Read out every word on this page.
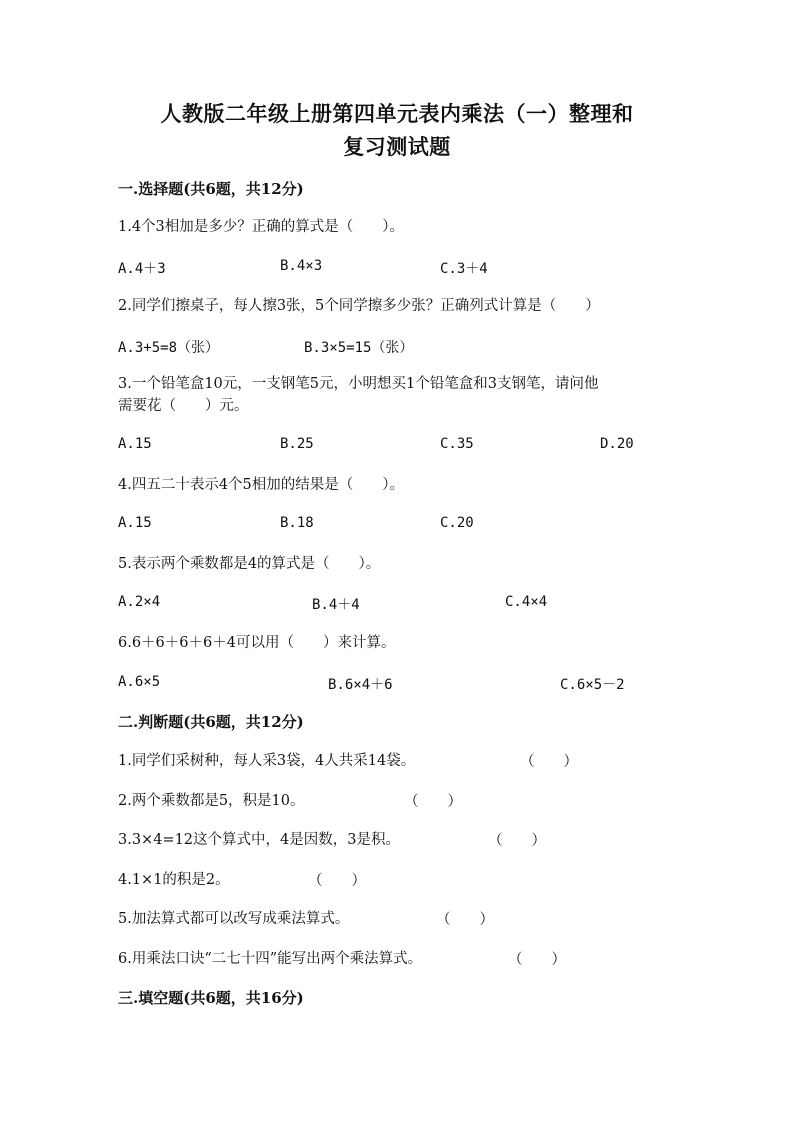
人教版二年级上册第四单元表内乘法（一）整理和
复习测试题
一.选择题(共6题，共12分)
1.4个3相加是多少？正确的算式是（　　）。
A.4＋3	B.4×3	C.3＋4
2.同学们擦桌子，每人擦3张，5个同学擦多少张？正确列式计算是（　　）
A.3+5=8（张）	B.3×5=15（张）
3.一个铅笔盒10元，一支钢笔5元，小明想买1个铅笔盒和3支钢笔，请问他
需要花（　　）元。
A.15	B.25	C.35	D.20
4.四五二十表示4个5相加的结果是（　　）。
A.15	B.18	C.20
5.表示两个乘数都是4的算式是（　　）。
A.2×4	B.4＋4	C.4×4
6.6＋6＋6＋6＋4可以用（　　）来计算。
A.6×5	B.6×4＋6	C.6×5－2
二.判断题(共6题，共12分)
1.同学们采树种，每人采3袋，4人共采14袋。	（　　）
2.两个乘数都是5，积是10。	（　　）
3.3×4=12这个算式中，4是因数，3是积。	（　　）
4.1×1的积是2。	（　　）
5.加法算式都可以改写成乘法算式。	（　　）
6.用乘法口诀“二七十四”能写出两个乘法算式。	（　　）
三.填空题(共6题，共16分)
